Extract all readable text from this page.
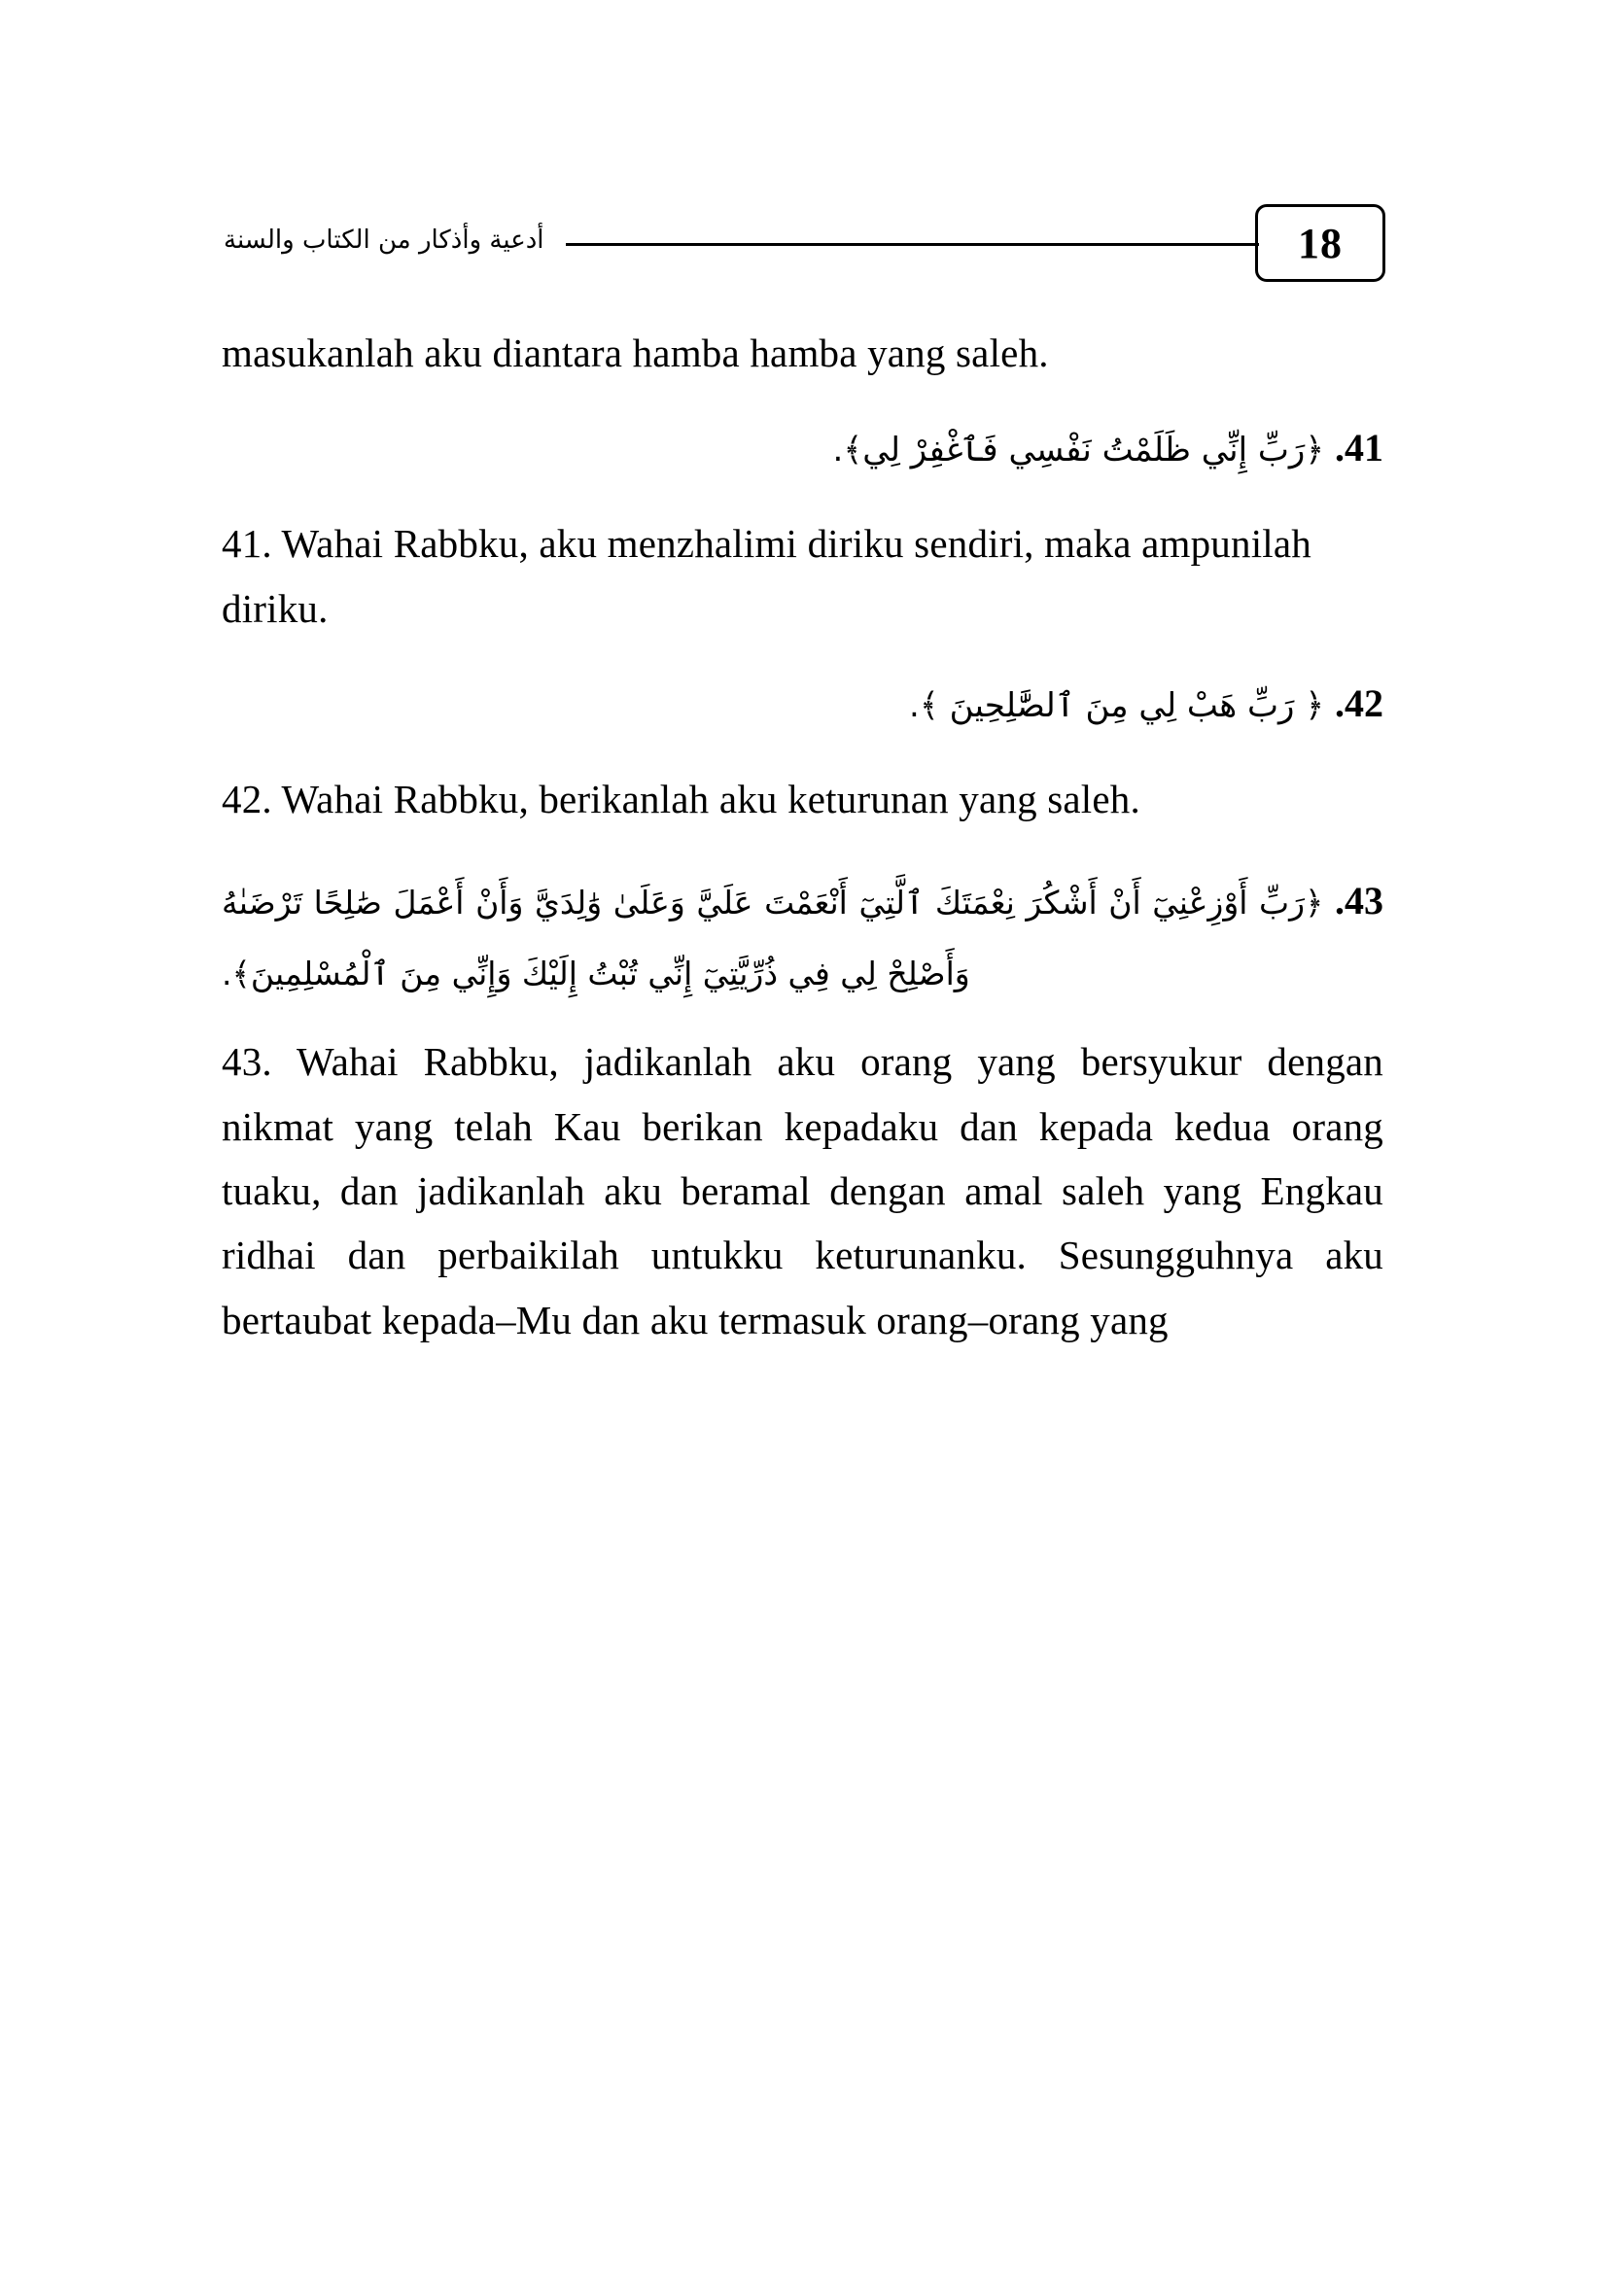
أدعية وأذكار من الكتاب والسنة	18

masukanlah aku diantara hamba hamba yang saleh.

41. ﴿رَبِّ إِنِّي ظَلَمْتُ نَفْسِي فَٱغْفِرْ لِي﴾.

41. Wahai Rabbku, aku menzhalimi diriku sendiri, maka ampunilah diriku.

42. ﴿ رَبِّ هَبْ لِي مِنَ ٱلصَّٰلِحِينَ ﴾.

42. Wahai Rabbku, berikanlah aku keturunan yang saleh.

43. ﴿رَبِّ أَوْزِعْنِيٓ أَنْ أَشْكُرَ نِعْمَتَكَ ٱلَّتِيٓ أَنْعَمْتَ عَلَيَّ وَعَلَىٰ وَٰلِدَيَّ وَأَنْ أَعْمَلَ صَٰلِحًا تَرْضَىٰهُ وَأَصْلِحْ لِي فِي ذُرِّيَّتِيٓ إِنِّي تُبْتُ إِلَيْكَ وَإِنِّي مِنَ ٱلْمُسْلِمِينَ﴾.

43. Wahai Rabbku, jadikanlah aku orang yang bersyukur dengan nikmat yang telah Kau berikan kepadaku dan kepada kedua orang tuaku, dan jadikanlah aku beramal dengan amal saleh yang Engkau ridhai dan perbaikilah untukku keturunanku. Sesungguhnya aku bertaubat kepada–Mu dan aku termasuk orang–orang yang
